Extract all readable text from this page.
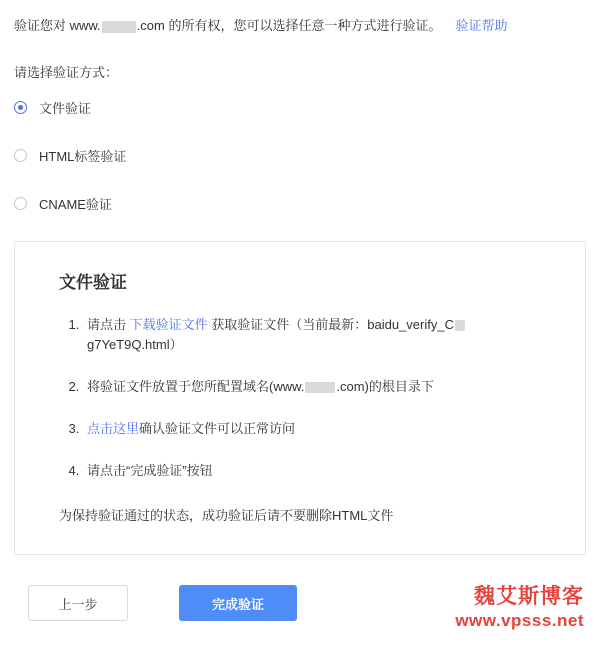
验证您对 www.	.com 的所有权，您可以选择任意一种方式进行验证。 验证帮助
请选择验证方式：
文件验证
HTML标签验证
CNAME验证
文件验证
1. 请点击 下载验证文件 获取验证文件（当前最新：baidu_verify_Cg7YeT9Q.html）
2. 将验证文件放置于您所配置域名(www. .com)的根目录下
3. 点击这里确认验证文件可以正常访问
4. 请点击“完成验证”按钮
为保持验证通过的状态，成功验证后请不要删除HTML文件
上一步	完成验证	魏艾斯博客
www.vpsss.net
